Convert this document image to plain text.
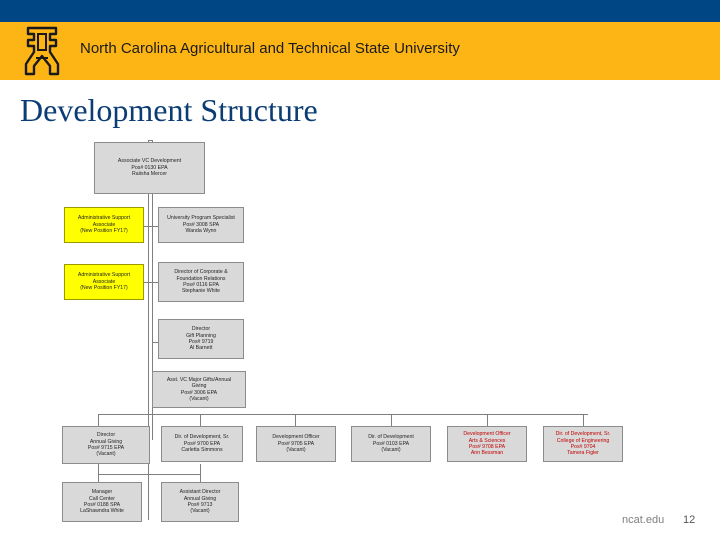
North Carolina Agricultural and Technical State University
Development Structure
Associate VC Development
Pos# 0130 EPA
Raiisha Mercer
Administrative Support
Associate
(New Position FY17)
University Program Specialist
Pos# 3008 SPA
Wanda Wynn
Administrative Support
Associate
(New Position FY17)
Director of Corporate &
Foundation Relations
Pos# 0116 EPA
Stephanie White
Director
Gift Planning
Pos# 9719
Al Barnett
Asst. VC Major Gifts/Annual
Giving
Pos# 3006 EPA
(Vacant)
Director
Annual Giving
Pos# 9715 EPA
(Vacant)
Dir. of Development, Sr.
Pos# 9700 EPA
Carletta Simmons
Development Officer
Pos# 9705 EPA
(Vacant)
Dir. of Development
Pos# 0103 EPA
(Vacant)
Development Officer
Arts & Sciences
Pos# 9708 EPA
Ann Bessman
Dir. of Development, Sr.
College of Engineering
Pos# 9704
Tamera Figler
Manager
Call Center
Pos# 0188 SPA
LaShawndra White
Assistant Director
Annual Giving
Pos# 9713
(Vacant)
ncat.edu 12
